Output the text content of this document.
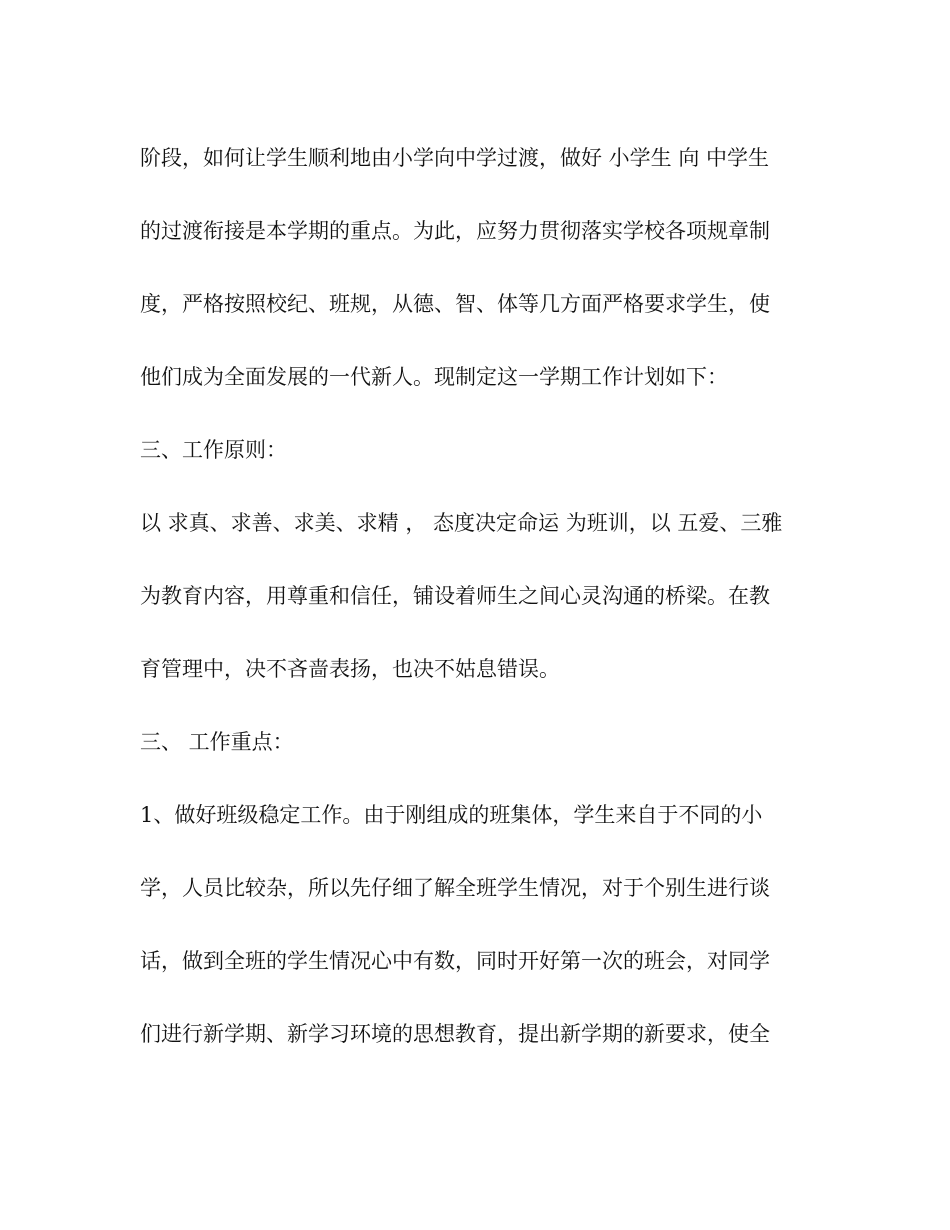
阶段，如何让学生顺利地由小学向中学过渡，做好 小学生 向 中学生
的过渡衔接是本学期的重点。为此，应努力贯彻落实学校各项规章制
度，严格按照校纪、班规，从德、智、体等几方面严格要求学生，使
他们成为全面发展的一代新人。现制定这一学期工作计划如下：
三、工作原则：
以 求真、求善、求美、求精 ， 态度决定命运 为班训，以 五爱、三雅
为教育内容，用尊重和信任，铺设着师生之间心灵沟通的桥梁。在教
育管理中，决不吝啬表扬，也决不姑息错误。
三、 工作重点：
1、做好班级稳定工作。由于刚组成的班集体，学生来自于不同的小
学，人员比较杂，所以先仔细了解全班学生情况，对于个别生进行谈
话，做到全班的学生情况心中有数，同时开好第一次的班会，对同学
们进行新学期、新学习环境的思想教育，提出新学期的新要求，使全
